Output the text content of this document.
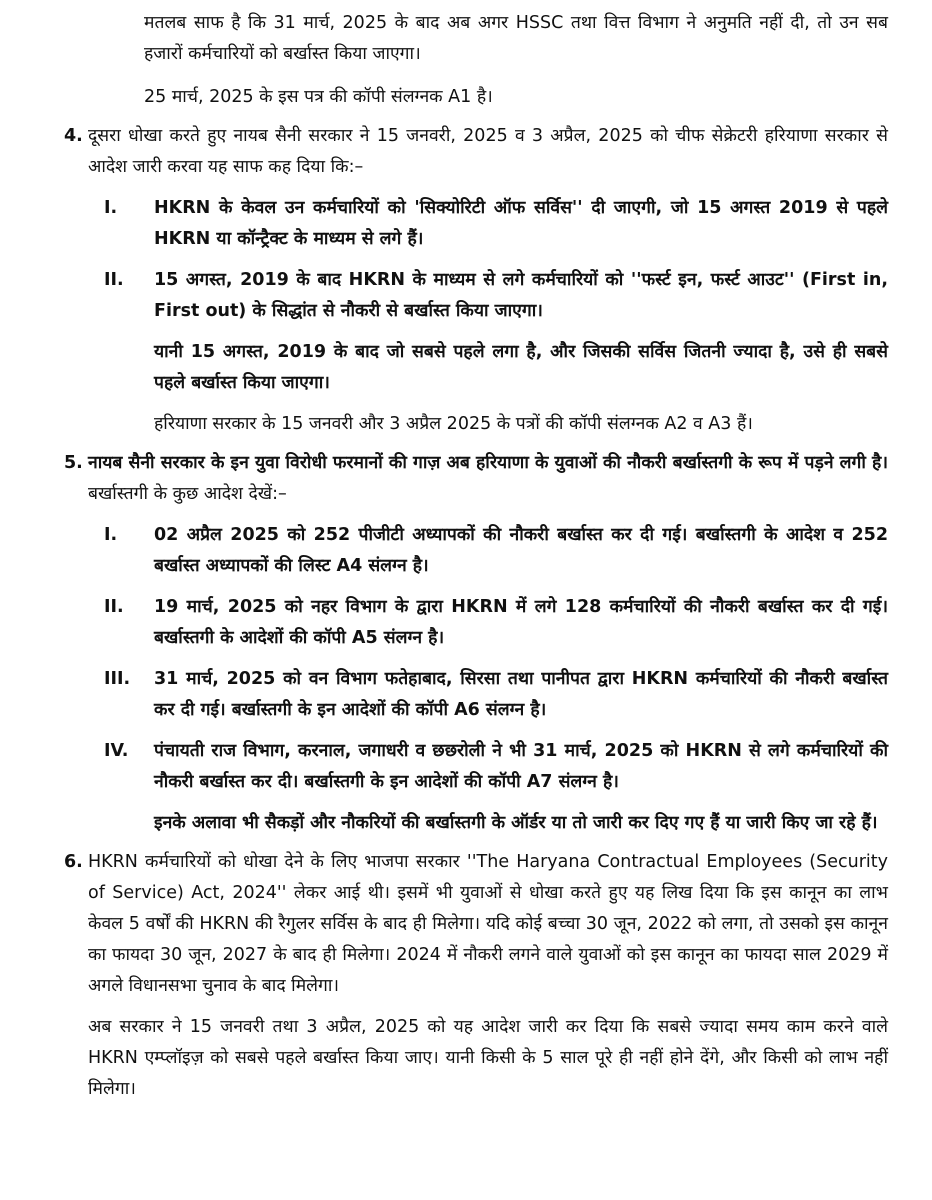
मतलब साफ है कि 31 मार्च, 2025 के बाद अब अगर HSSC तथा वित्त विभाग ने अनुमति नहीं दी, तो उन सब हजारों कर्मचारियों को बर्खास्त किया जाएगा।

25 मार्च, 2025 के इस पत्र की कॉपी संलग्नक A1 है।

4. दूसरा धोखा करते हुए नायब सैनी सरकार ने 15 जनवरी, 2025 व 3 अप्रैल, 2025 को चीफ सेक्रेटरी हरियाणा सरकार से आदेश जारी करवा यह साफ कह दिया कि:–

I.	HKRN के केवल उन कर्मचारियों को 'सिक्योरिटी ऑफ सर्विस'' दी जाएगी, जो 15 अगस्त 2019 से पहले HKRN या कॉन्ट्रैक्ट के माध्यम से लगे हैं।

II.	15 अगस्त, 2019 के बाद HKRN के माध्यम से लगे कर्मचारियों को ''फर्स्ट इन, फर्स्ट आउट'' (First in, First out) के सिद्धांत से नौकरी से बर्खास्त किया जाएगा।

यानी 15 अगस्त, 2019 के बाद जो सबसे पहले लगा है, और जिसकी सर्विस जितनी ज्यादा है, उसे ही सबसे पहले बर्खास्त किया जाएगा।

हरियाणा सरकार के 15 जनवरी और 3 अप्रैल 2025 के पत्रों की कॉपी संलग्नक A2 व A3 हैं।

5. नायब सैनी सरकार के इन युवा विरोधी फरमानों की गाज़ अब हरियाणा के युवाओं की नौकरी बर्खास्तगी के रूप में पड़ने लगी है। बर्खास्तगी के कुछ आदेश देखें:–

I.	02 अप्रैल 2025 को 252 पीजीटी अध्यापकों की नौकरी बर्खास्त कर दी गई। बर्खास्तगी के आदेश व 252 बर्खास्त अध्यापकों की लिस्ट A4 संलग्न है।

II.	19 मार्च, 2025 को नहर विभाग के द्वारा HKRN में लगे 128 कर्मचारियों की नौकरी बर्खास्त कर दी गई। बर्खास्तगी के आदेशों की कॉपी A5 संलग्न है।

III.	31 मार्च, 2025 को वन विभाग फतेहाबाद, सिरसा तथा पानीपत द्वारा HKRN कर्मचारियों की नौकरी बर्खास्त कर दी गई। बर्खास्तगी के इन आदेशों की कॉपी A6 संलग्न है।

IV.	पंचायती राज विभाग, करनाल, जगाधरी व छछरोली ने भी 31 मार्च, 2025 को HKRN से लगे कर्मचारियों की नौकरी बर्खास्त कर दी। बर्खास्तगी के इन आदेशों की कॉपी A7 संलग्न है।

इनके अलावा भी सैकड़ों और नौकरियों की बर्खास्तगी के ऑर्डर या तो जारी कर दिए गए हैं या जारी किए जा रहे हैं।

6. HKRN कर्मचारियों को धोखा देने के लिए भाजपा सरकार ''The Haryana Contractual Employees (Security of Service) Act, 2024'' लेकर आई थी। इसमें भी युवाओं से धोखा करते हुए यह लिख दिया कि इस कानून का लाभ केवल 5 वर्षों की HKRN की रैगुलर सर्विस के बाद ही मिलेगा। यदि कोई बच्चा 30 जून, 2022 को लगा, तो उसको इस कानून का फायदा 30 जून, 2027 के बाद ही मिलेगा। 2024 में नौकरी लगने वाले युवाओं को इस कानून का फायदा साल 2029 में अगले विधानसभा चुनाव के बाद मिलेगा।

अब सरकार ने 15 जनवरी तथा 3 अप्रैल, 2025 को यह आदेश जारी कर दिया कि सबसे ज्यादा समय काम करने वाले HKRN एम्प्लॉइज़ को सबसे पहले बर्खास्त किया जाए। यानी किसी के 5 साल पूरे ही नहीं होने देंगे, और किसी को लाभ नहीं मिलेगा।
